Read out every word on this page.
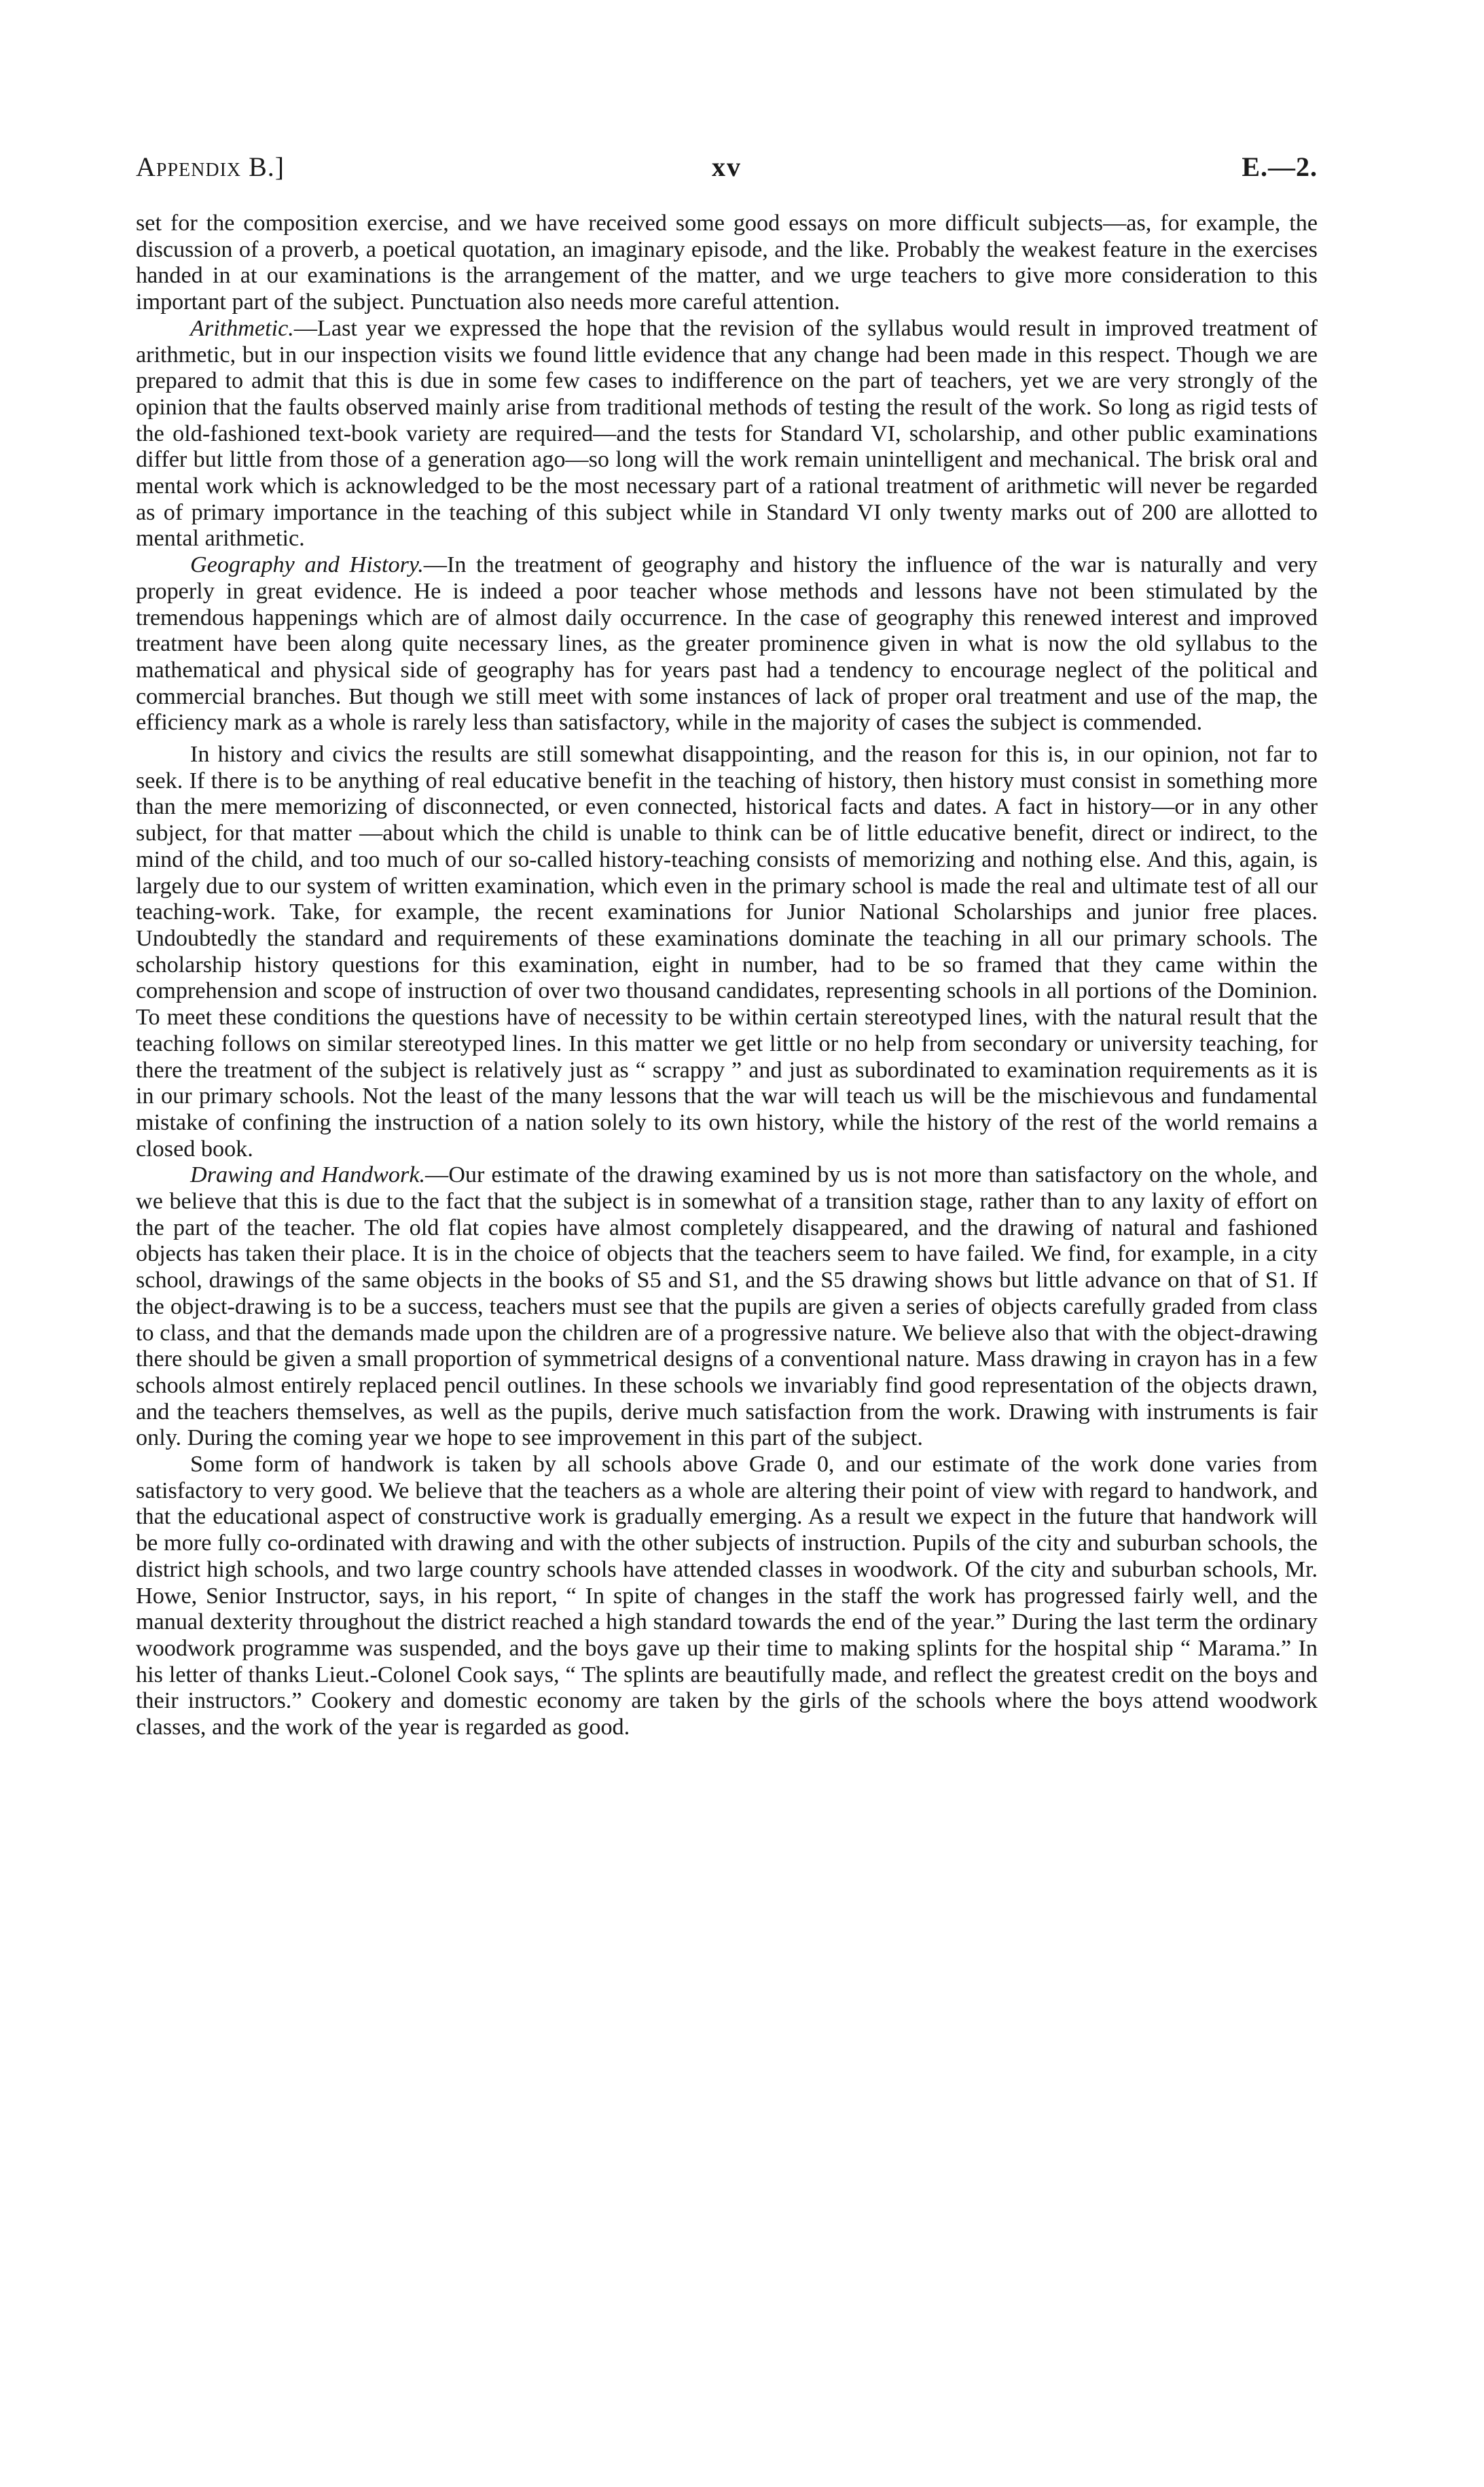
Appendix B.]	xv	E.—2.

set for the composition exercise, and we have received some good essays on more difficult subjects—as, for example, the discussion of a proverb, a poetical quotation, an imaginary episode, and the like. Probably the weakest feature in the exercises handed in at our examinations is the arrangement of the matter, and we urge teachers to give more consideration to this important part of the subject. Punctuation also needs more careful attention.

Arithmetic.—Last year we expressed the hope that the revision of the syllabus would result in improved treatment of arithmetic, but in our inspection visits we found little evidence that any change had been made in this respect. Though we are prepared to admit that this is due in some few cases to indifference on the part of teachers, yet we are very strongly of the opinion that the faults observed mainly arise from traditional methods of testing the result of the work. So long as rigid tests of the old-fashioned text-book variety are required—and the tests for Standard VI, scholarship, and other public examinations differ but little from those of a generation ago—so long will the work remain unintelligent and mechanical. The brisk oral and mental work which is acknowledged to be the most necessary part of a rational treatment of arithmetic will never be regarded as of primary importance in the teaching of this subject while in Standard VI only twenty marks out of 200 are allotted to mental arithmetic.

Geography and History.—In the treatment of geography and history the influence of the war is naturally and very properly in great evidence. He is indeed a poor teacher whose methods and lessons have not been stimulated by the tremendous happenings which are of almost daily occurrence. In the case of geography this renewed interest and improved treatment have been along quite necessary lines, as the greater prominence given in what is now the old syllabus to the mathematical and physical side of geography has for years past had a tendency to encourage neglect of the political and commercial branches. But though we still meet with some instances of lack of proper oral treatment and use of the map, the efficiency mark as a whole is rarely less than satisfactory, while in the majority of cases the subject is commended.

In history and civics the results are still somewhat disappointing, and the reason for this is, in our opinion, not far to seek. If there is to be anything of real educative benefit in the teaching of history, then history must consist in something more than the mere memorizing of disconnected, or even connected, historical facts and dates. A fact in history—or in any other subject, for that matter —about which the child is unable to think can be of little educative benefit, direct or indirect, to the mind of the child, and too much of our so-called history-teaching consists of memorizing and nothing else. And this, again, is largely due to our system of written examination, which even in the primary school is made the real and ultimate test of all our teaching-work. Take, for example, the recent examinations for Junior National Scholarships and junior free places. Undoubtedly the standard and requirements of these examinations dominate the teaching in all our primary schools. The scholarship history questions for this examination, eight in number, had to be so framed that they came within the comprehension and scope of instruction of over two thousand candidates, representing schools in all portions of the Dominion. To meet these conditions the questions have of necessity to be within certain stereotyped lines, with the natural result that the teaching follows on similar stereotyped lines. In this matter we get little or no help from secondary or university teaching, for there the treatment of the subject is relatively just as “ scrappy ” and just as subordinated to examination requirements as it is in our primary schools. Not the least of the many lessons that the war will teach us will be the mischievous and fundamental mistake of confining the instruction of a nation solely to its own history, while the history of the rest of the world remains a closed book.

Drawing and Handwork.—Our estimate of the drawing examined by us is not more than satisfactory on the whole, and we believe that this is due to the fact that the subject is in somewhat of a transition stage, rather than to any laxity of effort on the part of the teacher. The old flat copies have almost completely disappeared, and the drawing of natural and fashioned objects has taken their place. It is in the choice of objects that the teachers seem to have failed. We find, for example, in a city school, drawings of the same objects in the books of S5 and S1, and the S5 drawing shows but little advance on that of S1. If the object-drawing is to be a success, teachers must see that the pupils are given a series of objects carefully graded from class to class, and that the demands made upon the children are of a progressive nature. We believe also that with the object-drawing there should be given a small proportion of symmetrical designs of a conventional nature. Mass drawing in crayon has in a few schools almost entirely replaced pencil outlines. In these schools we invariably find good representation of the objects drawn, and the teachers themselves, as well as the pupils, derive much satisfaction from the work. Drawing with instruments is fair only. During the coming year we hope to see improvement in this part of the subject.

Some form of handwork is taken by all schools above Grade 0, and our estimate of the work done varies from satisfactory to very good. We believe that the teachers as a whole are altering their point of view with regard to handwork, and that the educational aspect of constructive work is gradually emerging. As a result we expect in the future that handwork will be more fully co-ordinated with drawing and with the other subjects of instruction. Pupils of the city and suburban schools, the district high schools, and two large country schools have attended classes in woodwork. Of the city and suburban schools, Mr. Howe, Senior Instructor, says, in his report, “ In spite of changes in the staff the work has progressed fairly well, and the manual dexterity throughout the district reached a high standard towards the end of the year.” During the last term the ordinary woodwork programme was suspended, and the boys gave up their time to making splints for the hospital ship “ Marama.” In his letter of thanks Lieut.-Colonel Cook says, “ The splints are beautifully made, and reflect the greatest credit on the boys and their instructors.” Cookery and domestic economy are taken by the girls of the schools where the boys attend woodwork classes, and the work of the year is regarded as good.
